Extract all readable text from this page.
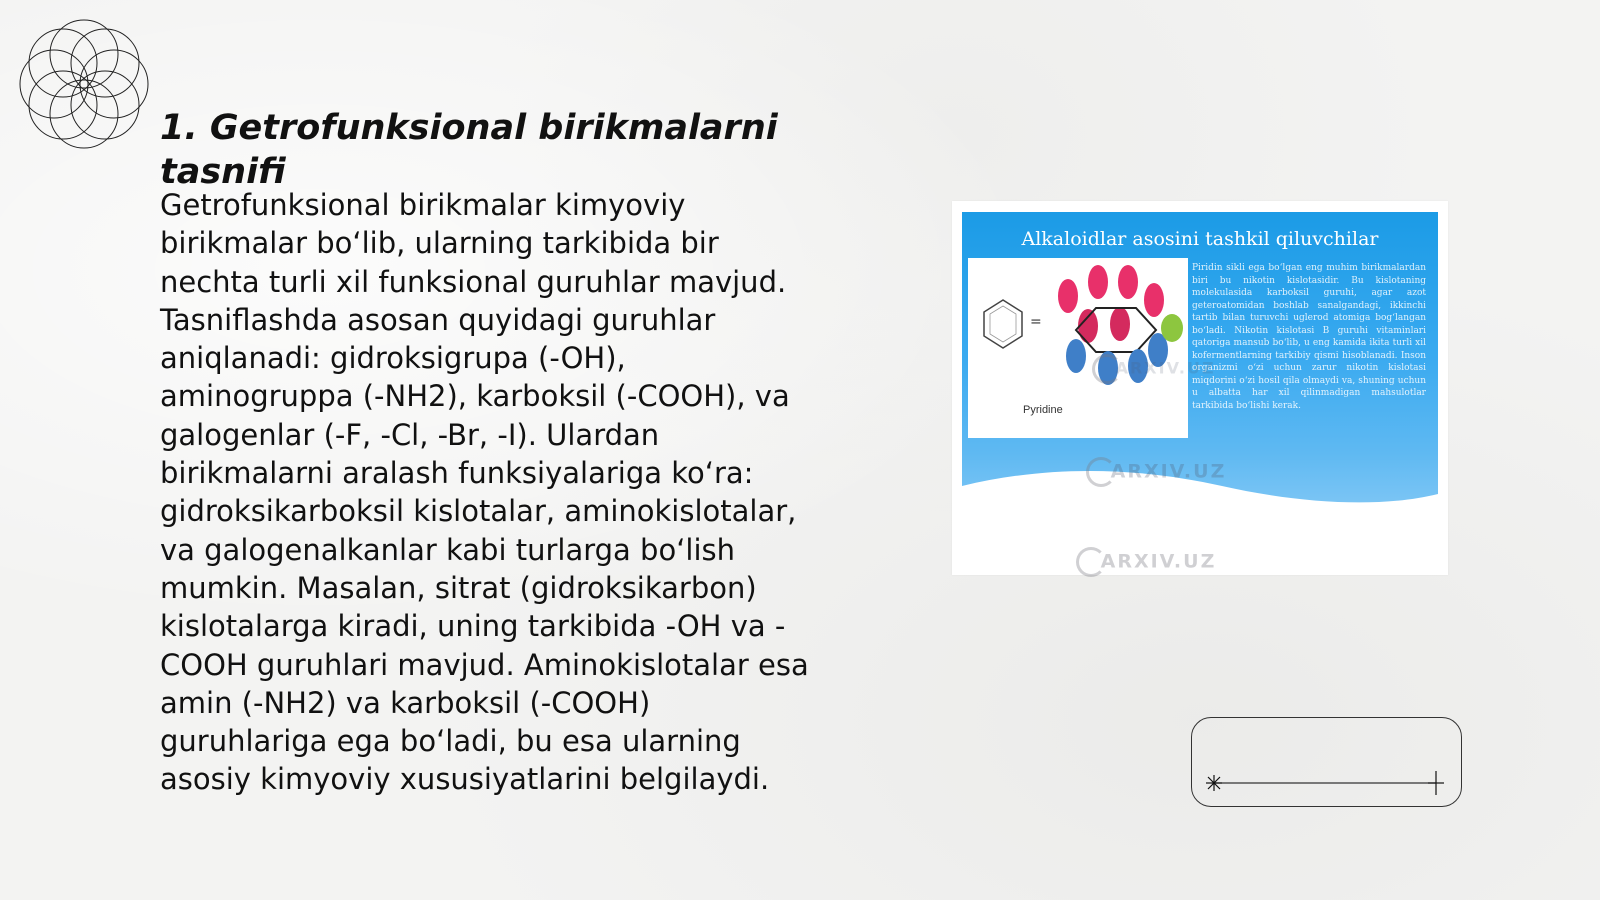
1. Getrofunksional birikmalarni tasnifi

Getrofunksional birikmalar kimyoviy birikmalar bo‘lib, ularning tarkibida bir nechta turli xil funksional guruhlar mavjud. Tasniflashda asosan quyidagi guruhlar aniqlanadi: gidroksigrupa (-OH), aminogruppa (-NH2), karboksil (-COOH), va galogenlar (-F, -Cl, -Br, -I). Ulardan birikmalarni aralash funksiyalariga ko‘ra: gidroksikarboksil kislotalar, aminokislotalar, va galogenalkanlar kabi turlarga bo‘lish mumkin. Masalan, sitrat (gidroksikarbon) kislotalarga kiradi, uning tarkibida -OH va -COOH guruhlari mavjud. Aminokislotalar esa amin (-NH2) va karboksil (-COOH) guruhlariga ega bo‘ladi, bu esa ularning asosiy kimyoviy xususiyatlarini belgilaydi.

Alkaloidlar asosini tashkil qiluvchilar
=
Pyridine
Piridin sikli ega bo‘lgan eng muhim birikmalardan biri bu nikotin kislotasidir. Bu kislotaning molekulasida karboksil guruhi, agar azot geteroatomidan boshlab sanalgandagi, ikkinchi tartib bilan turuvchi uglerod atomiga bog‘langan bo‘ladi. Nikotin kislotasi B guruhi vitaminlari qatoriga mansub bo‘lib, u eng kamida ikita turli xil kofermentlarning tarkibiy qismi hisoblanadi. Inson organizmi o‘zi uchun zarur nikotin kislotasi miqdorini o‘zi hosil qila olmaydi va, shuning uchun u albatta har xil qilinmadigan mahsulotlar tarkibida bo‘lishi kerak.
ARXIV.UZ
ARXIV.UZ
ARXIV.UZ
